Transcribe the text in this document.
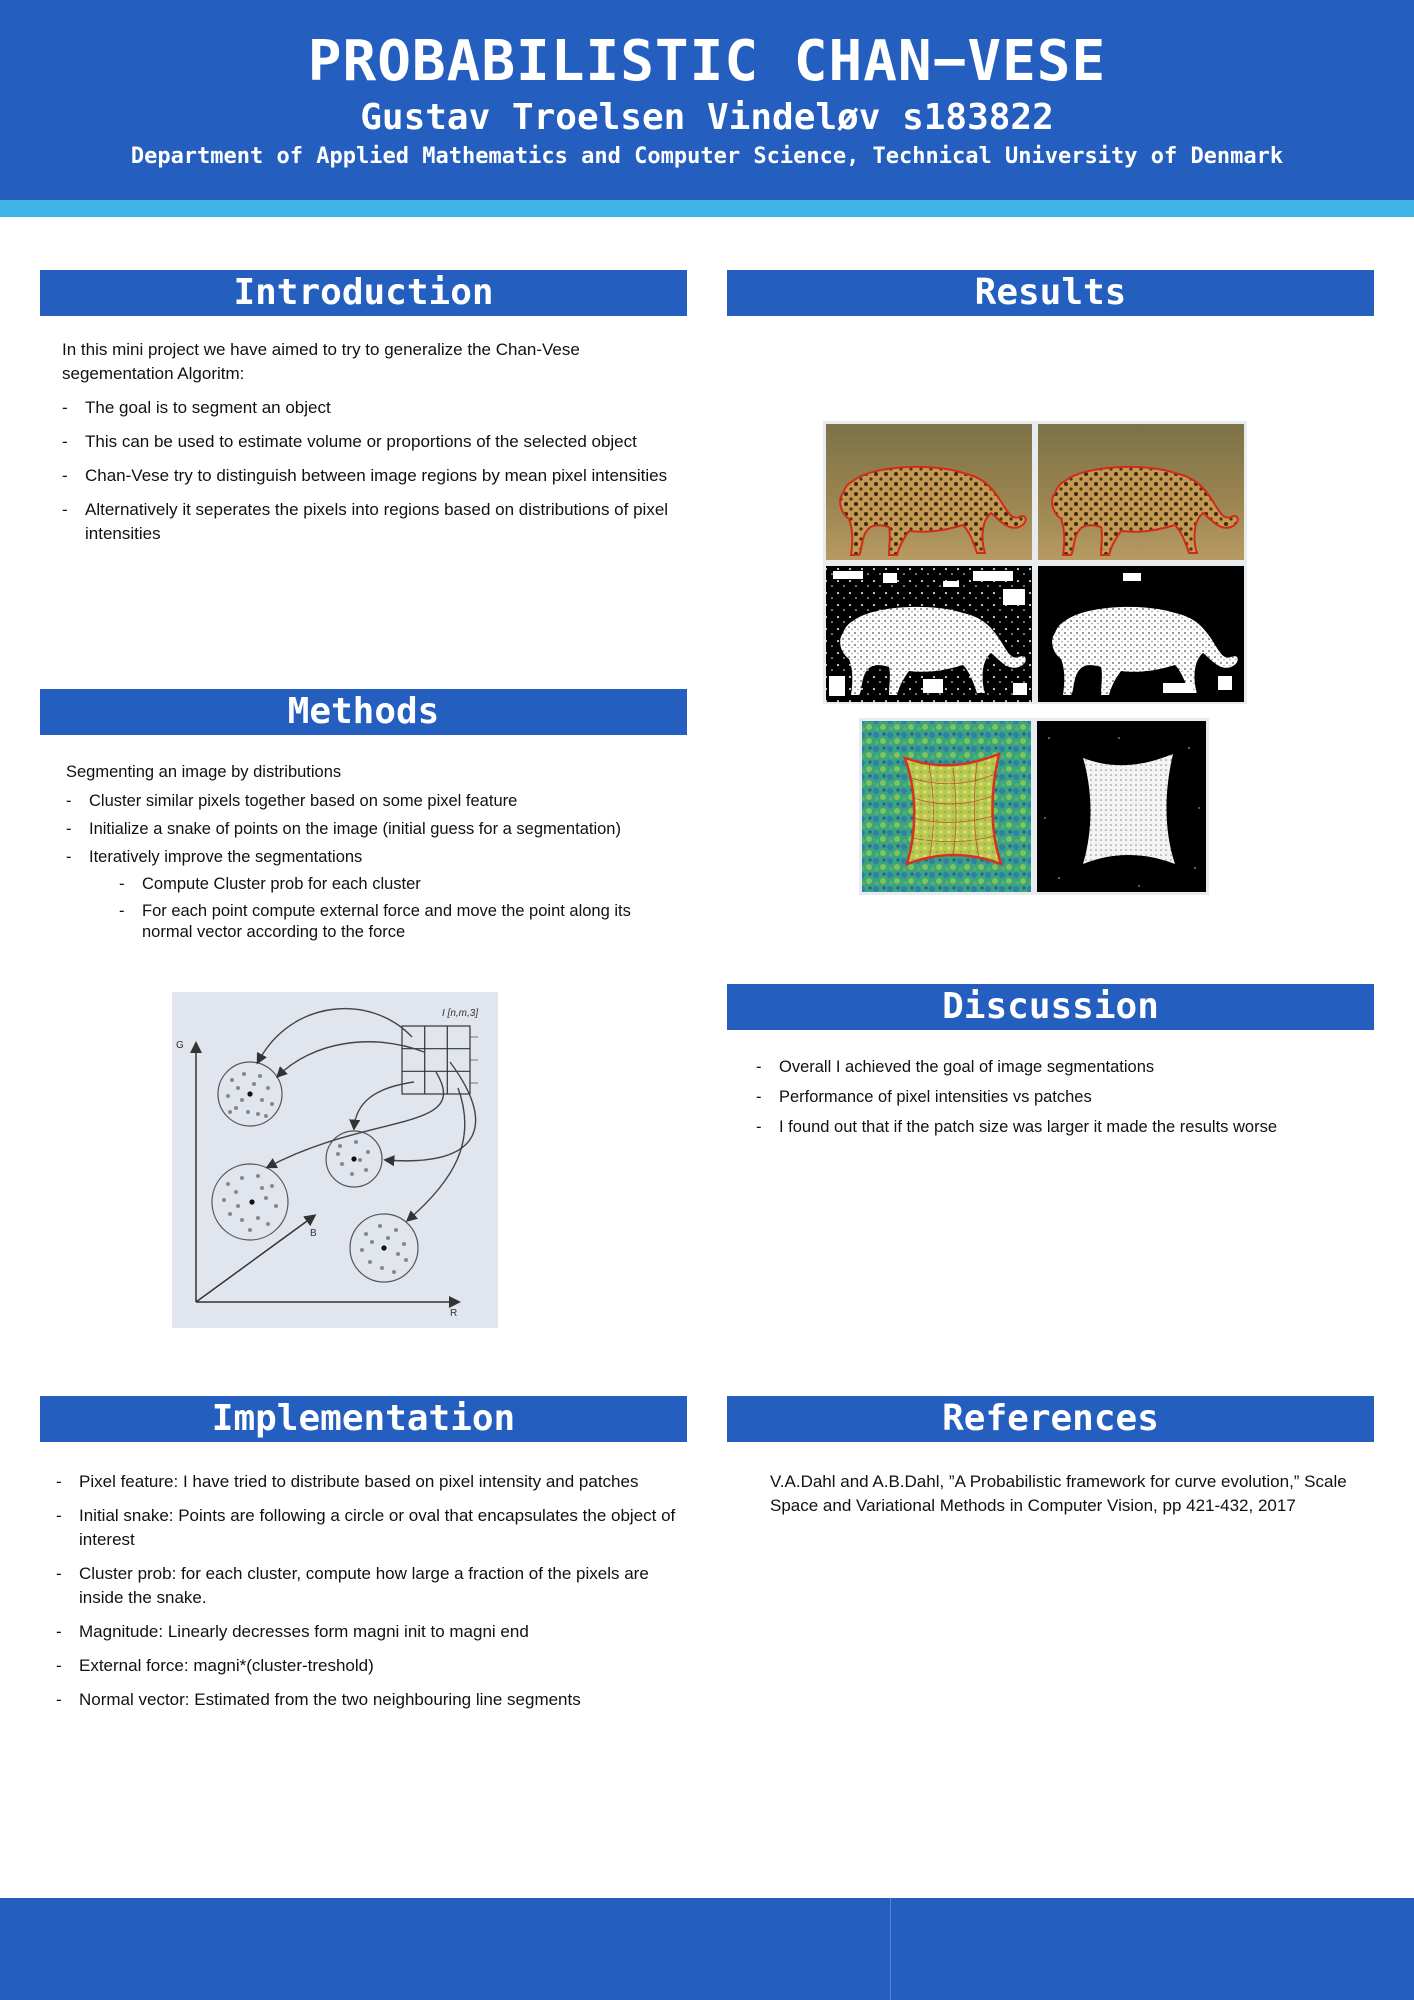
PROBABILISTIC CHAN−VESE
Gustav Troelsen Vindeløv s183822
Department of Applied Mathematics and Computer Science, Technical University of Denmark
Introduction

In this mini project we have aimed to try to generalize the Chan-Vese segementation Algoritm:

- The goal is to segment an object
- This can be used to estimate volume or proportions of the selected object
- Chan-Vese try to distinguish between image regions by mean pixel intensities
- Alternatively it seperates the pixels into regions based on distributions of pixel intensities
Methods

Segmenting an image by distributions

- Cluster similar pixels together based on some pixel feature
- Initialize a snake of points on the image (initial guess for a segmentation)
- Iteratively improve the segmentations
- Compute Cluster prob for each cluster
- For each point compute external force and move the point along its normal vector according to the force
G
B
R
I [n,m,3]
Results
Discussion
- Overall I achieved the goal of image segmentations
- Performance of pixel intensities vs patches
- I found out that if the patch size was larger it made the results worse
Implementation
- Pixel feature: I have tried to distribute based on pixel intensity and patches
- Initial snake: Points are following a circle or oval that encapsulates the object of interest
- Cluster prob: for each cluster, compute how large a fraction of the pixels are inside the snake.
- Magnitude: Linearly decresses form magni init to magni end
- External force: magni*(cluster-treshold)
- Normal vector: Estimated from the two neighbouring line segments
References

V.A.Dahl and A.B.Dahl, ”A Probabilistic framework for curve evolution,” Scale Space and Variational Methods in Computer Vision, pp 421-432, 2017
